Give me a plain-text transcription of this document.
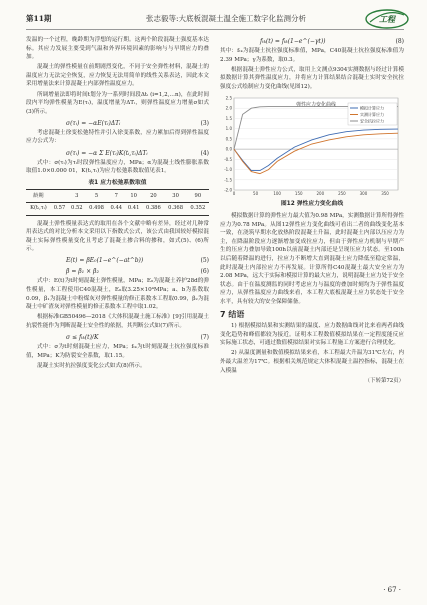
第11期	张志毅等:大底板混凝土温全施工数字化监测分析	工程

发温的一个过程，晚龄期为浮想的运行期。这两个阶段混凝土强度基本达标。其应力发展主要受到气温和外界环境因素的影响与与早期应力的叠加。

混凝土的弹性模量在前期剧烈变化，不同于安全弹性材料，混凝土的温度应力无法完全恢复，应力恢复无法用简单的线性关系表达，因此本文采用增量法来计算混凝土内部弹性温度应力。

所调增量法即将时间t划分为一系列时间段Δtᵢ (i=1,2,…n)，在此时间段内平均弹性模量为E(τᵢ)，温度增量为ΔTᵢ，则弹性温度应力增量σ如式(3)所示。

σ(τᵢ) = −αE(τᵢ)ΔTᵢ	(3)

考虑混凝土徐变松弛特性并引入徐变系数，应力累加后得到弹性温度应力公式为：

σ(τᵢ) = −α Σ E(τᵢ)K(tᵢ,τᵢ)ΔTᵢ	(4)

式中：σ(τᵢ)为τᵢ时段弹性温度应力，MPa；α为混凝土线性膨胀系数取值1.0×0.000 01，K(tᵢ,τᵢ)为应力松弛系数取值见表1。

表1 应力松弛系数取值
龄期		3	5	7	10	20	30	90
K(tᵢ,τᵢ)	0.57	0.52	0.498	0.44	0.41	0.386	0.368	0.352

混凝土弹性模量表达式的取用在各个文献中略有差异，经过对几种常用表达式的对比分析本文采用以下指数式公式，该公式由我国较好模拟混凝土实际弹性模量变化且考虑了混凝土掺合料的掺和，如式(5)、(6)所示。

E(t) = βE₀(1−e^(−at^b))	(5)
β = β₁ × β₂	(6)

式中：E(t)为t时刻混凝土弹性模量，MPa；E₀为混凝土养护28d的弹性模量，本工程使用C40混凝土，E₀取3.25×10⁴MPa；a、b为系数取0.09，β₁为混凝土中粉煤灰对弹性模量的修正系数本工程取0.99，β₂为混凝土中矿渣灰对弹性模量的修正系数本工程中取1.02。

根据标准GB50496—2018《大体积混凝土施工标准》[9]引用混凝土抗裂性能作为判断混凝土安全性的依据，其判断公式如(7)所示。

σ ≤ fₜₖ(t)/K	(7)

式中：σ为t时刻混凝土应力，MPa；fₜₖ为t时刻混凝土抗拉强度标准值，MPa；K为防裂安全系数，取1.15。

混凝土实时抗拉强度变化公式如式(8)所示。

fₜₖ(t) = fₜₖ(1−e^(−γt))	(8)

其中：fₜₖ为混凝土抗拉强度标准值，MPa，C40混凝土抗拉强度标准值为2.39 MPa；γ为系数，取0.3。

根据混凝土弹性应力公式，取用上文测点9304实测数据与经过计算模拟数据计算其弹性温度应力，并将应力计算结果结合混凝土实时安全抗拉强度公式绘制应力变化曲线(见图12)。

弹性应力变化曲线
-2.0
-1.5
-1.0
-0.5
0.0
0.5
1.0
1.5
2.0
2.5
0	50	100	150	200	250	300	350
模拟计算应力
实测计算应力
安全抗拉应力
图12 弹性应力变化曲线

模拟数据计算的弹性应力最大值为0.98 MPa，实测数据计算所得弹性应力为0.78 MPa。从图12弹性应力变化曲线可看出二者的曲线变化基本一致，在浇筑早期水化放热阶段混凝土升温，此时混凝土内部以压应力为主，在降温阶段应力逐渐增加变成拉应力，但由于弹性应力机制与早期产生的压应力叠加导致100h以前混凝土内部还是呈现压应力状态。至100h以后随着降温的进行，拉应力不断增大直到混凝土应力降低至稳定常温，此时混凝土内部拉应力不再发展。计算所得C40混凝土最大安全应力为2.08 MPa，远大于实际和模拟计算的最大应力，说明混凝土应力处于安全状态。由于在温度测监的同时考虑应力与温度的叠加时刻均为于弹性温度应力，从弹性温度应力曲线来看，本工程大底板混凝土应力状态处于安全水平，具有较大的安全保障储备。

7 结语

1) 根据模拟结果和实测结果的温度、应力数据曲线对比来看两者曲线变化趋势和峰值都较为接近。证明本工程数值模拟结果在一定程度能反应实际施工状态，可通过数值模拟结果对实际工程施工方案进行合理优化。

2) 从温度测量和数值模拟结果来看，本工程最大升温为31℃左右，内外最大温差为17℃。根据相关规范规定大体积混凝土温控指标，混凝土在入模温

（下转第72页）
· 67 ·
